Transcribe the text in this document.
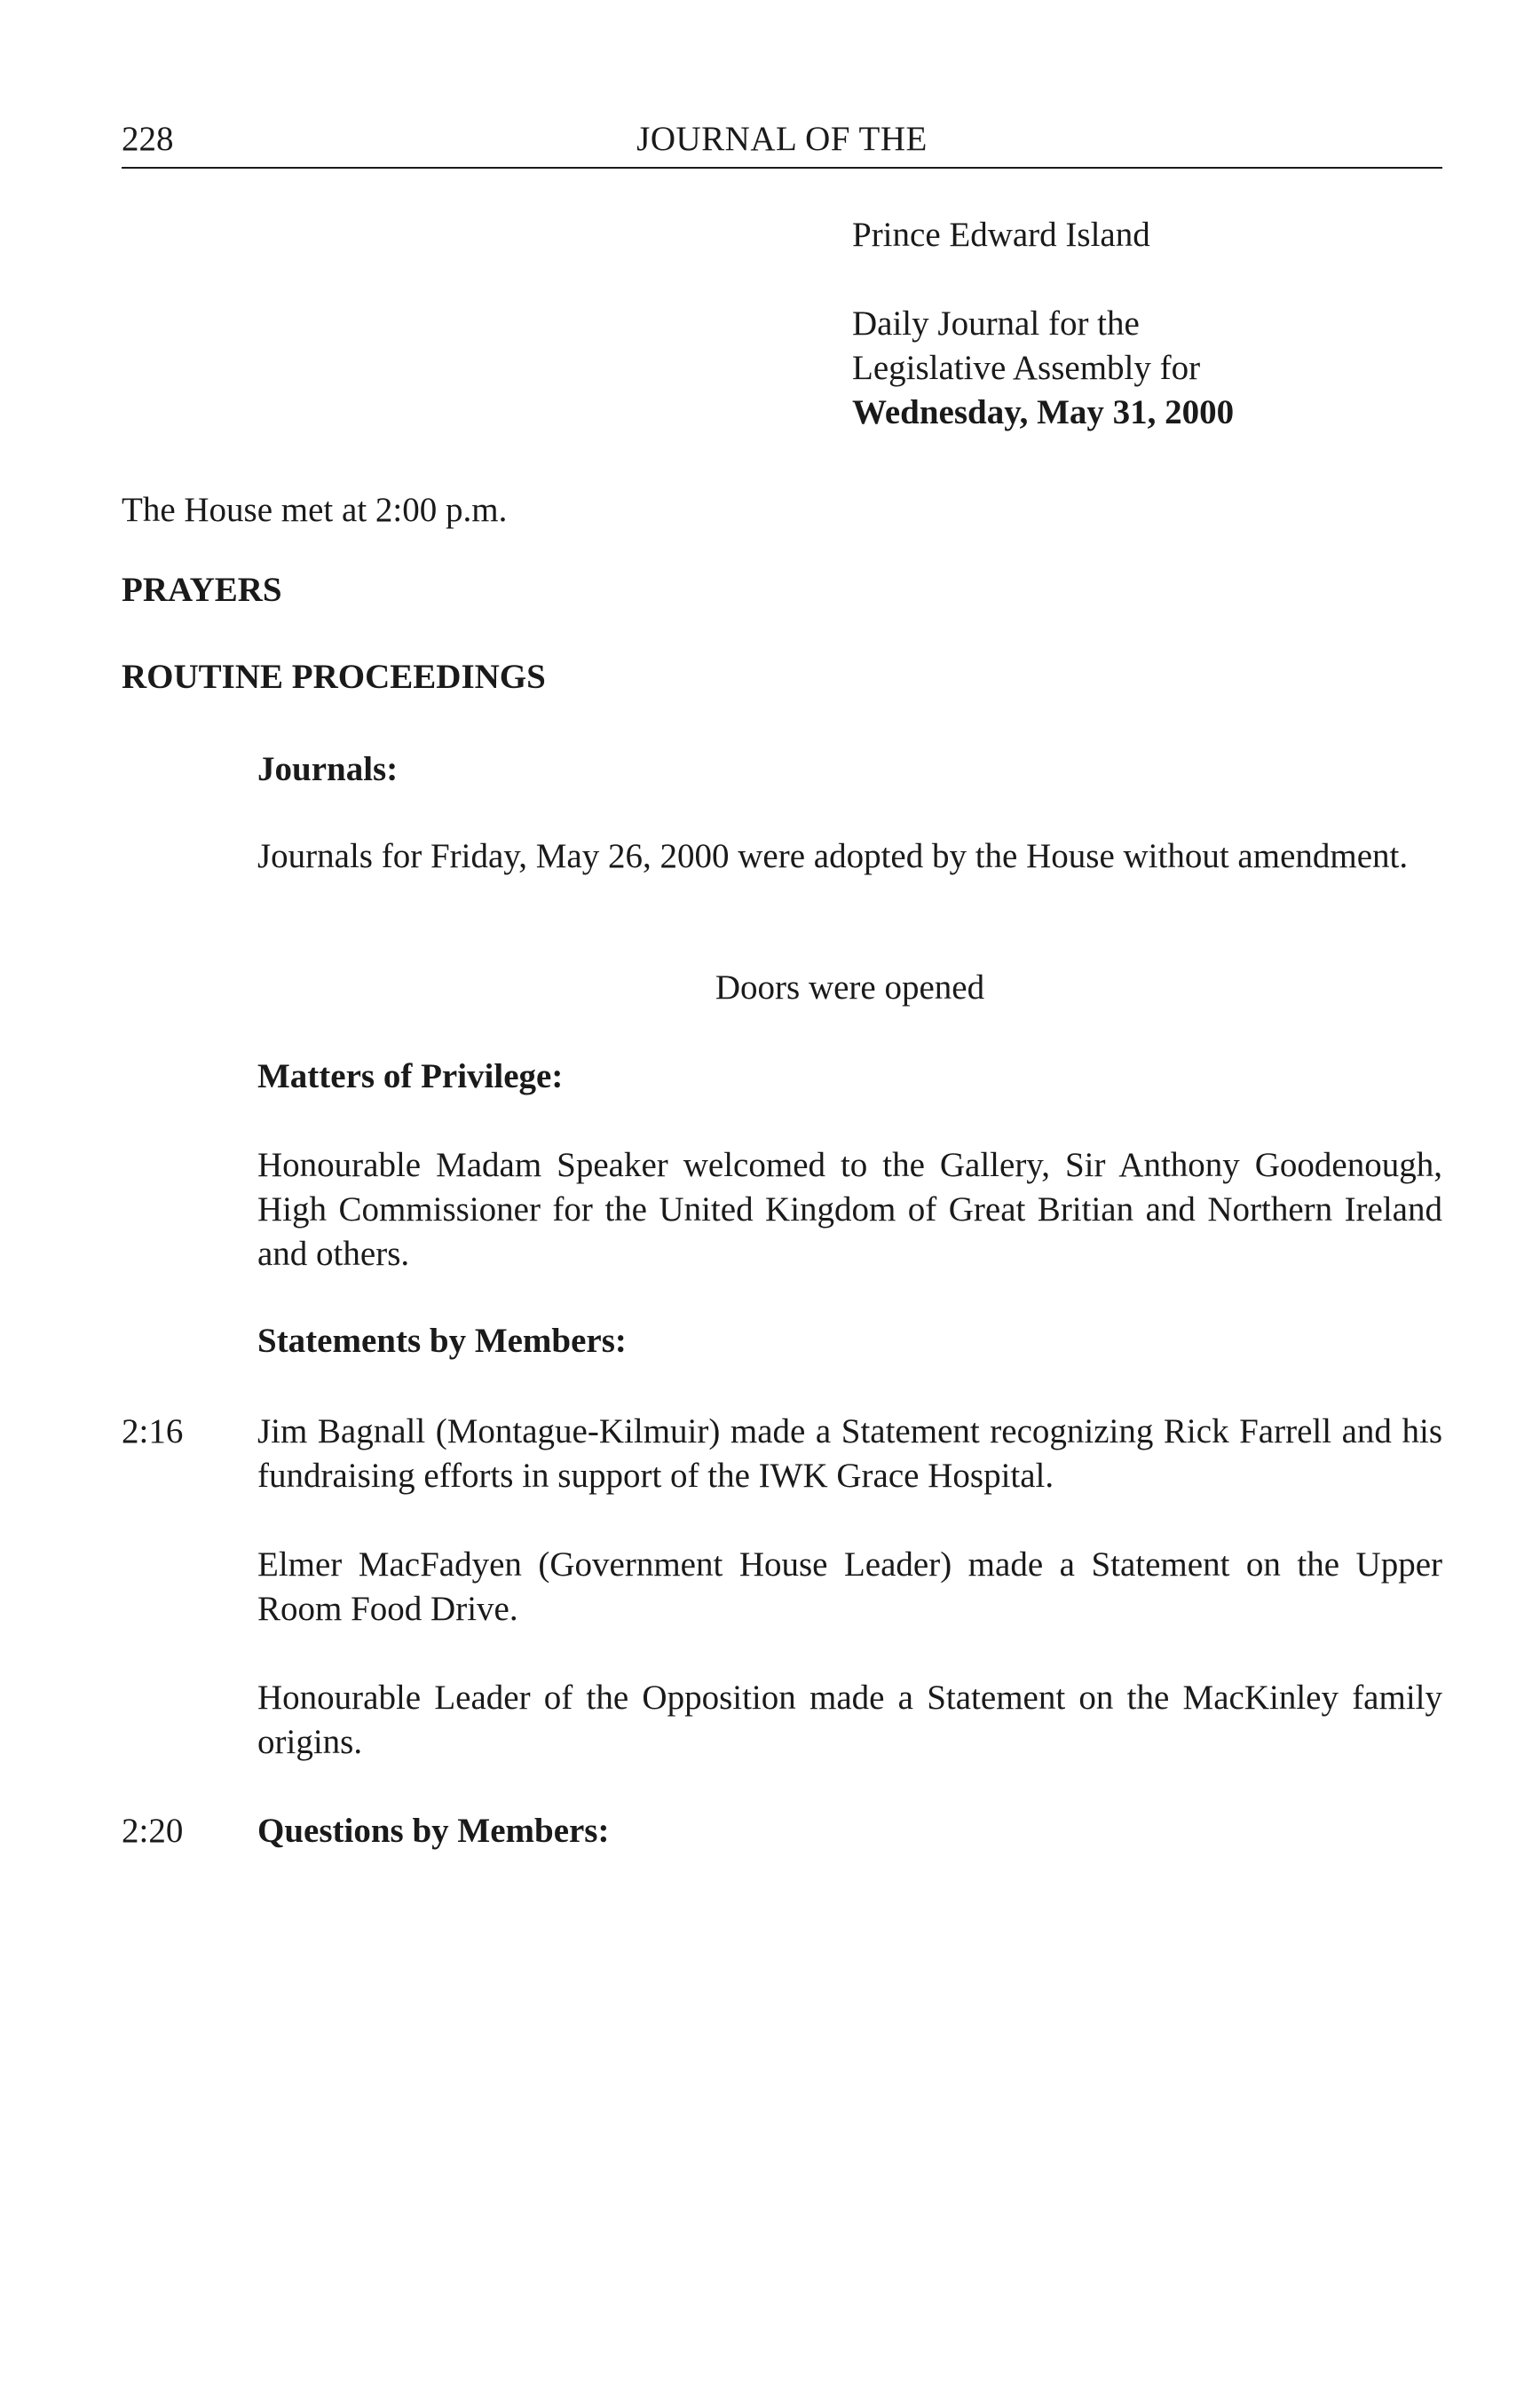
228	JOURNAL OF THE
Prince Edward Island
Daily Journal for the
Legislative Assembly for
Wednesday, May 31, 2000

The House met at 2:00 p.m.

PRAYERS

ROUTINE PROCEEDINGS

Journals:

Journals for Friday, May 26, 2000 were adopted by the House without amendment.

Doors were opened

Matters of Privilege:

Honourable Madam Speaker welcomed to the Gallery, Sir Anthony Goodenough, High Commissioner for the United Kingdom of Great Britian and Northern Ireland and others.

Statements by Members:

2:16	Jim Bagnall (Montague-Kilmuir) made a Statement recognizing Rick Farrell and his fundraising efforts in support of the IWK Grace Hospital.

Elmer MacFadyen (Government House Leader) made a Statement on the Upper Room Food Drive.

Honourable Leader of the Opposition made a Statement on the MacKinley family origins.

2:20	Questions by Members:
